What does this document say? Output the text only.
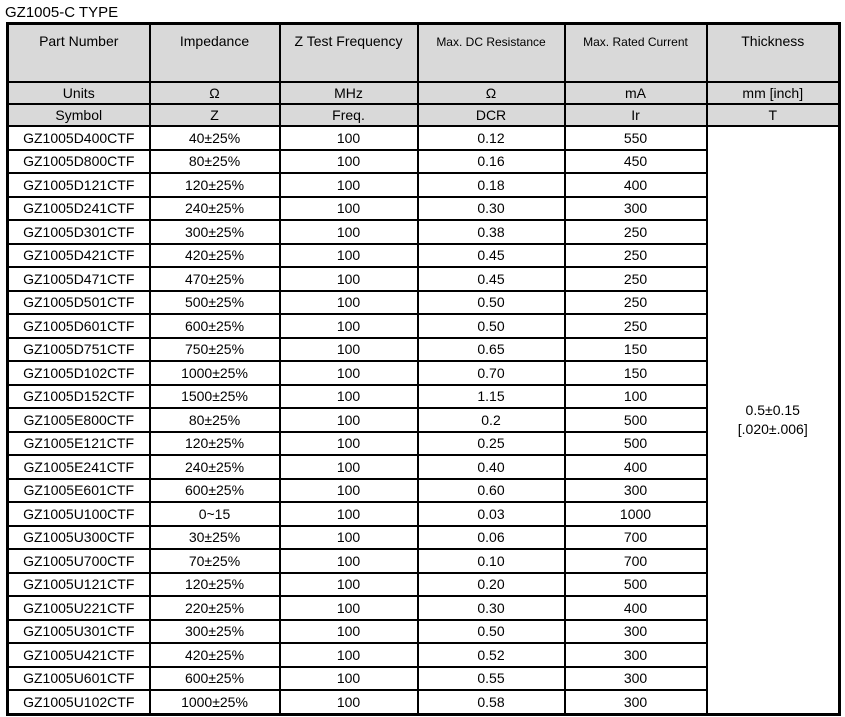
GZ1005-C TYPE
Part Number	Impedance	Z Test Frequency	Max. DC Resistance	Max. Rated Current	Thickness
Units	Ω	MHz	Ω	mA	mm [inch]
Symbol	Z	Freq.	DCR	Ir	T
GZ1005D400CTF	40±25%	100	0.12	550	0.5±0.15
[.020±.006]

GZ1005D800CTF	80±25%	100	0.16	450	
GZ1005D121CTF	120±25%	100	0.18	400	
GZ1005D241CTF	240±25%	100	0.30	300	
GZ1005D301CTF	300±25%	100	0.38	250	
GZ1005D421CTF	420±25%	100	0.45	250	
GZ1005D471CTF	470±25%	100	0.45	250	
GZ1005D501CTF	500±25%	100	0.50	250	
GZ1005D601CTF	600±25%	100	0.50	250	
GZ1005D751CTF	750±25%	100	0.65	150	
GZ1005D102CTF	1000±25%	100	0.70	150	
GZ1005D152CTF	1500±25%	100	1.15	100	
GZ1005E800CTF	80±25%	100	0.2	500	
GZ1005E121CTF	120±25%	100	0.25	500	
GZ1005E241CTF	240±25%	100	0.40	400	
GZ1005E601CTF	600±25%	100	0.60	300	
GZ1005U100CTF	0~15	100	0.03	1000	
GZ1005U300CTF	30±25%	100	0.06	700	
GZ1005U700CTF	70±25%	100	0.10	700	
GZ1005U121CTF	120±25%	100	0.20	500	
GZ1005U221CTF	220±25%	100	0.30	400	
GZ1005U301CTF	300±25%	100	0.50	300	
GZ1005U421CTF	420±25%	100	0.52	300	
GZ1005U601CTF	600±25%	100	0.55	300	
GZ1005U102CTF	1000±25%	100	0.58	300	
